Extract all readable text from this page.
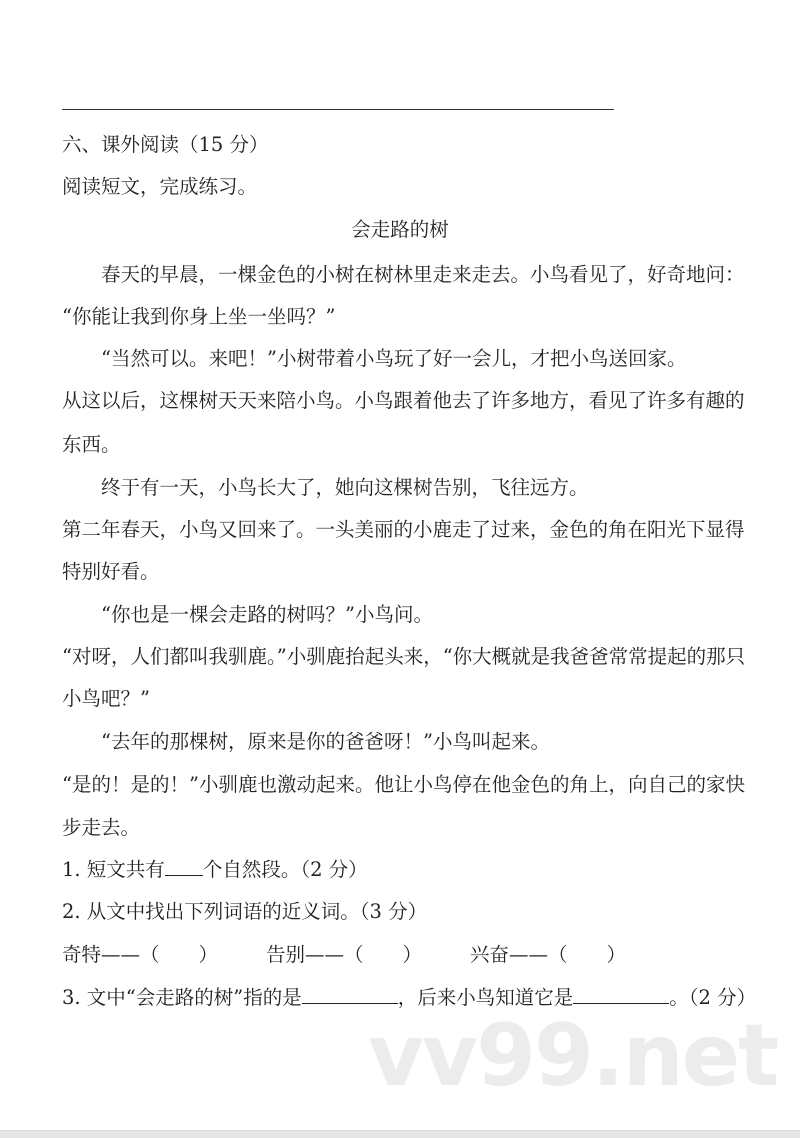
六、课外阅读（15 分）
阅读短文，完成练习。
会走路的树
春天的早晨，一棵金色的小树在树林里走来走去。小鸟看见了，好奇地问：
“你能让我到你身上坐一坐吗？”
“当然可以。来吧！”小树带着小鸟玩了好一会儿，才把小鸟送回家。
从这以后，这棵树天天来陪小鸟。小鸟跟着他去了许多地方，看见了许多有趣的
东西。
终于有一天，小鸟长大了，她向这棵树告别，飞往远方。
第二年春天，小鸟又回来了。一头美丽的小鹿走了过来，金色的角在阳光下显得
特别好看。
“你也是一棵会走路的树吗？”小鸟问。
“对呀，人们都叫我驯鹿。”小驯鹿抬起头来，“你大概就是我爸爸常常提起的那只
小鸟吧？”
“去年的那棵树，原来是你的爸爸呀！”小鸟叫起来。
“是的！是的！”小驯鹿也激动起来。他让小鸟停在他金色的角上，向自己的家快
步走去。
1. 短文共有 个自然段。（2 分）
2. 从文中找出下列词语的近义词。（3 分）
奇特——（　　） 告别——（　　） 兴奋——（　　）
3. 文中“会走路的树”指的是	，后来小鸟知道它是	。（2 分）
vv99.net
